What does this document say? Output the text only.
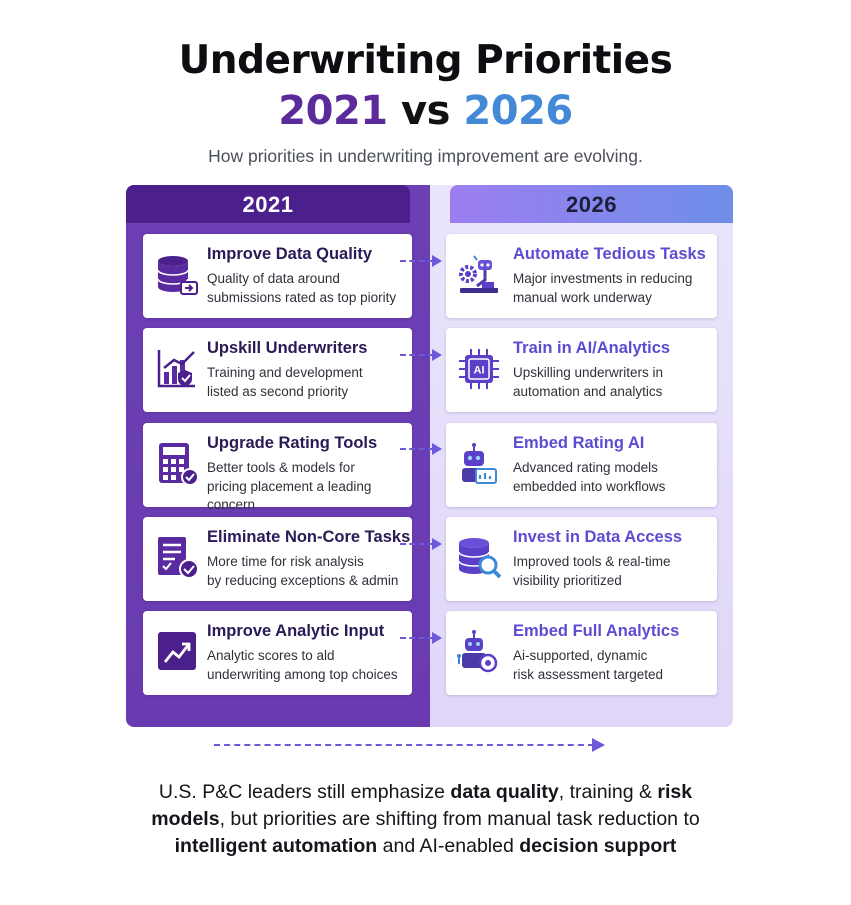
Underwriting Priorities
2021 vs 2026
How priorities in underwriting improvement are evolving.
2021	2026
Improve Data Quality
Quality of data around
submissions rated as top piority
Upskill Underwriters
Training and development
listed as second priority
Upgrade Rating Tools
Better tools & models for
pricing placement a leading concern
Eliminate Non-Core Tasks
More time for risk analysis
by reducing exceptions & admin
Improve Analytic Input
Analytic scores to ald
underwriting among top choices
Automate Tedious Tasks
Major investments in reducing
manual work underway
AI
Train in AI/Analytics
Upskilling underwriters in
automation and analytics
Embed Rating AI
Advanced rating models
embedded into workflows
Invest in Data Access
Improved tools & real-time
visibility prioritized
Embed Full Analytics
Ai-supported, dynamic
risk assessment targeted
U.S. P&C leaders still emphasize data quality, training & risk
models, but priorities are shifting from manual task reduction to
intelligent automation and AI-enabled decision support
